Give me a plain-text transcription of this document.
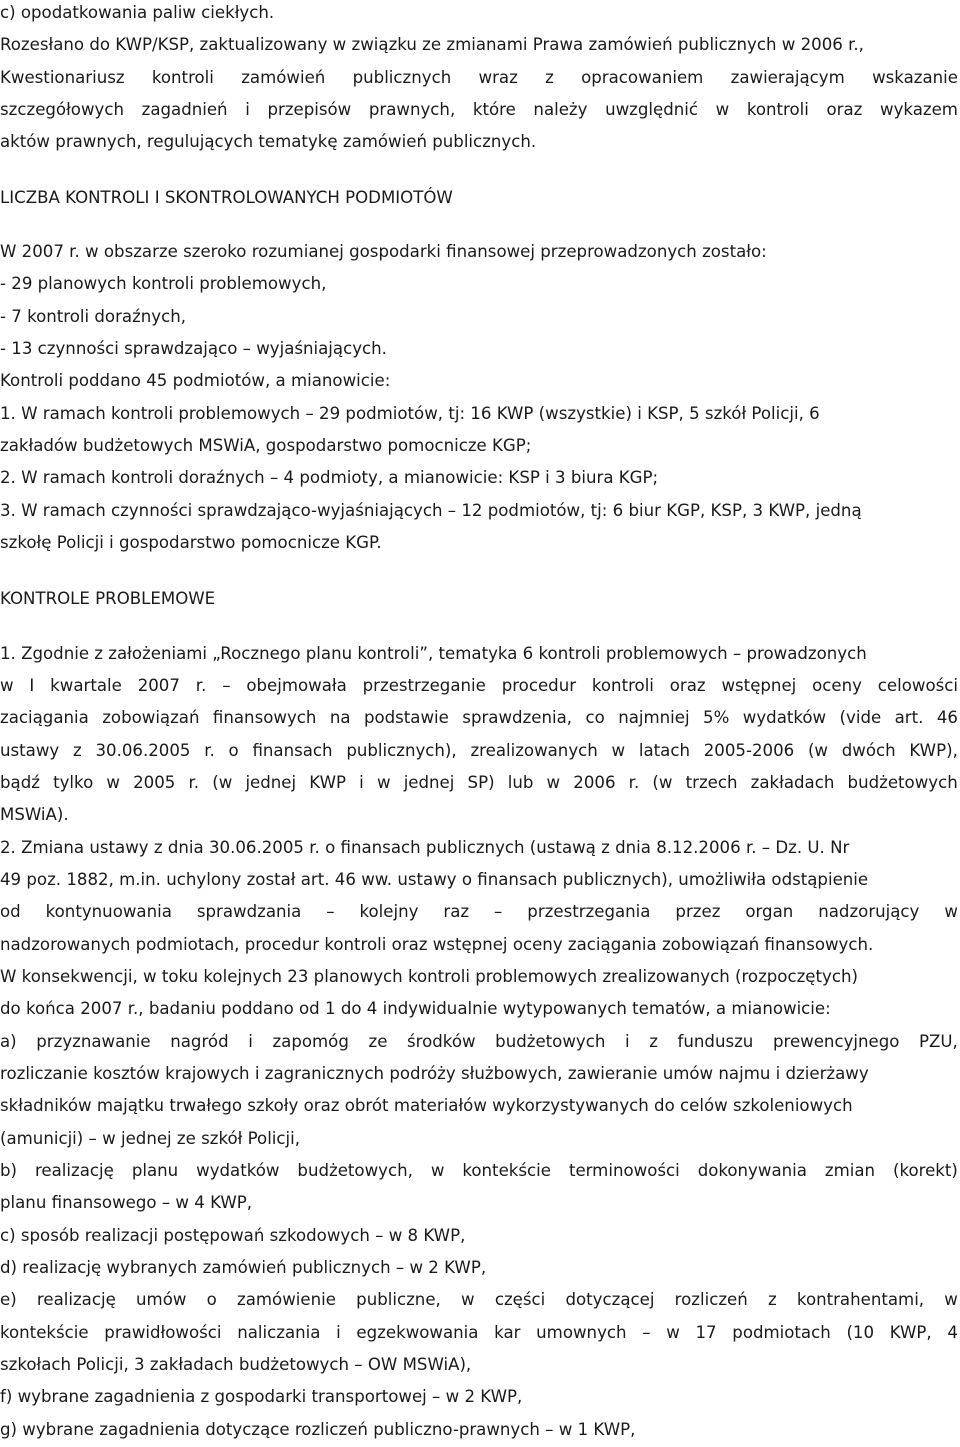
c) opodatkowania paliw ciekłych.
Rozesłano do KWP/KSP, zaktualizowany w związku ze zmianami Prawa zamówień publicznych w 2006 r.,
Kwestionariusz kontroli zamówień publicznych wraz z opracowaniem zawierającym wskazanie
szczegółowych zagadnień i przepisów prawnych, które należy uwzględnić w kontroli oraz wykazem
aktów prawnych, regulujących tematykę zamówień publicznych.
LICZBA KONTROLI I SKONTROLOWANYCH PODMIOTÓW
W 2007 r. w obszarze szeroko rozumianej gospodarki finansowej przeprowadzonych zostało:
- 29 planowych kontroli problemowych,
- 7 kontroli doraźnych,
- 13 czynności sprawdzająco – wyjaśniających.
Kontroli poddano 45 podmiotów, a mianowicie:
1. W ramach kontroli problemowych – 29 podmiotów, tj: 16 KWP (wszystkie) i KSP, 5 szkół Policji, 6
zakładów budżetowych MSWiA, gospodarstwo pomocnicze KGP;
2. W ramach kontroli doraźnych – 4 podmioty, a mianowicie: KSP i 3 biura KGP;
3. W ramach czynności sprawdzająco-wyjaśniających – 12 podmiotów, tj: 6 biur KGP, KSP, 3 KWP, jedną
szkołę Policji i gospodarstwo pomocnicze KGP.
KONTROLE PROBLEMOWE
1. Zgodnie z założeniami „Rocznego planu kontroli”, tematyka 6 kontroli problemowych – prowadzonych
w I kwartale 2007 r. – obejmowała przestrzeganie procedur kontroli oraz wstępnej oceny celowości
zaciągania zobowiązań finansowych na podstawie sprawdzenia, co najmniej 5% wydatków (vide art. 46
ustawy z 30.06.2005 r. o finansach publicznych), zrealizowanych w latach 2005-2006 (w dwóch KWP),
bądź tylko w 2005 r. (w jednej KWP i w jednej SP) lub w 2006 r. (w trzech zakładach budżetowych
MSWiA).
2. Zmiana ustawy z dnia 30.06.2005 r. o finansach publicznych (ustawą z dnia 8.12.2006 r. – Dz. U. Nr
49 poz. 1882, m.in. uchylony został art. 46 ww. ustawy o finansach publicznych), umożliwiła odstąpienie
od kontynuowania sprawdzania – kolejny raz – przestrzegania przez organ nadzorujący w
nadzorowanych podmiotach, procedur kontroli oraz wstępnej oceny zaciągania zobowiązań finansowych.
W konsekwencji, w toku kolejnych 23 planowych kontroli problemowych zrealizowanych (rozpoczętych)
do końca 2007 r., badaniu poddano od 1 do 4 indywidualnie wytypowanych tematów, a mianowicie:
a) przyznawanie nagród i zapomóg ze środków budżetowych i z funduszu prewencyjnego PZU,
rozliczanie kosztów krajowych i zagranicznych podróży służbowych, zawieranie umów najmu i dzierżawy
składników majątku trwałego szkoły oraz obrót materiałów wykorzystywanych do celów szkoleniowych
(amunicji) – w jednej ze szkół Policji,
b) realizację planu wydatków budżetowych, w kontekście terminowości dokonywania zmian (korekt)
planu finansowego – w 4 KWP,
c) sposób realizacji postępowań szkodowych – w 8 KWP,
d) realizację wybranych zamówień publicznych – w 2 KWP,
e) realizację umów o zamówienie publiczne, w części dotyczącej rozliczeń z kontrahentami, w
kontekście prawidłowości naliczania i egzekwowania kar umownych – w 17 podmiotach (10 KWP, 4
szkołach Policji, 3 zakładach budżetowych – OW MSWiA),
f) wybrane zagadnienia z gospodarki transportowej – w 2 KWP,
g) wybrane zagadnienia dotyczące rozliczeń publiczno-prawnych – w 1 KWP,
